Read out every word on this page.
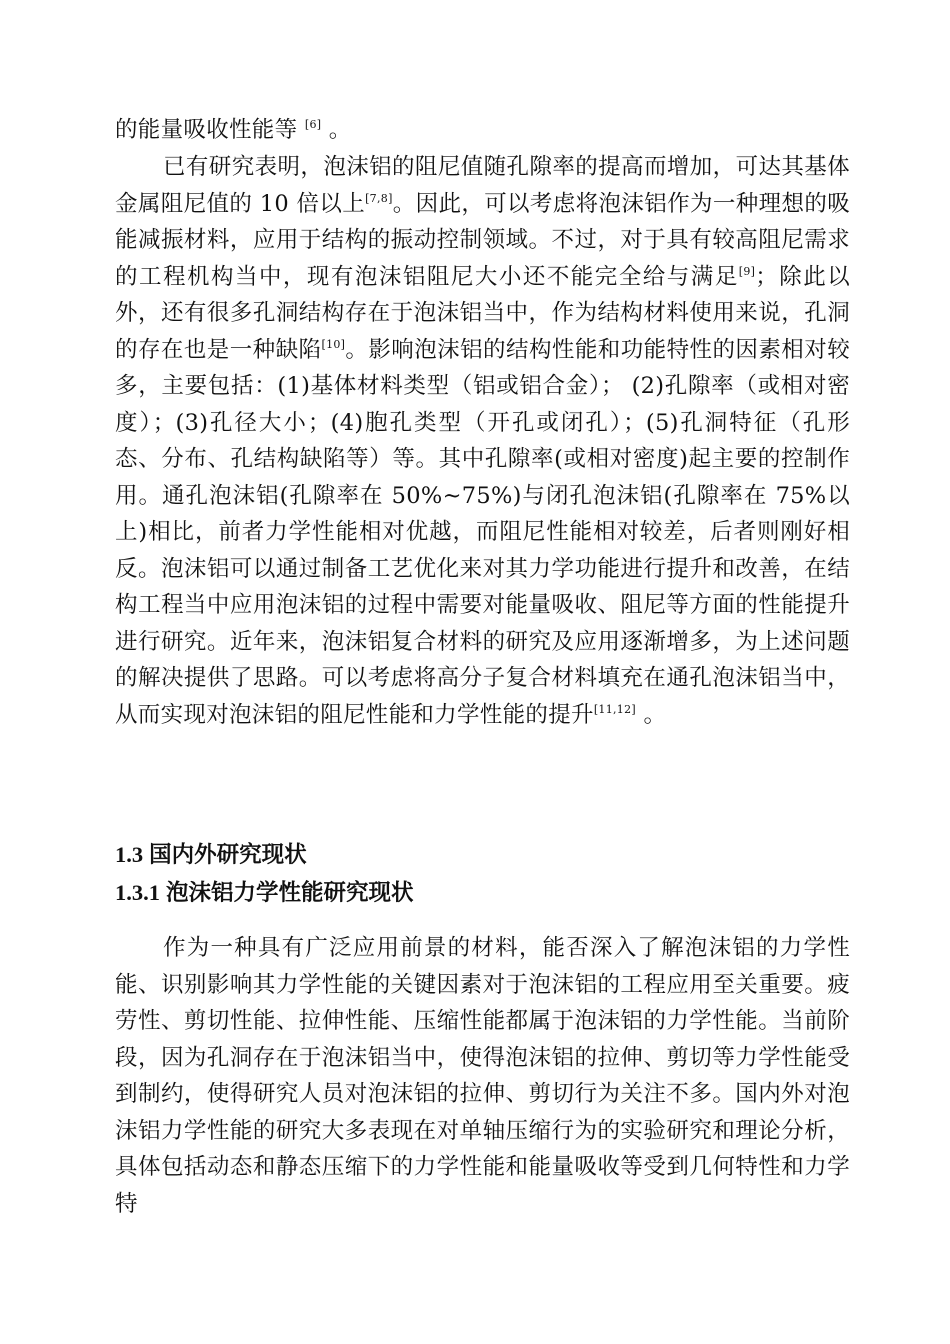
的能量吸收性能等 [6] 。

已有研究表明，泡沫铝的阻尼值随孔隙率的提高而增加，可达其基体金属阻尼值的 10 倍以上[7,8]。因此，可以考虑将泡沫铝作为一种理想的吸能减振材料，应用于结构的振动控制领域。不过，对于具有较高阻尼需求的工程机构当中，现有泡沫铝阻尼大小还不能完全给与满足[9]；除此以外，还有很多孔洞结构存在于泡沫铝当中，作为结构材料使用来说，孔洞的存在也是一种缺陷[10]。影响泡沫铝的结构性能和功能特性的因素相对较多，主要包括：(1)基体材料类型（铝或铝合金）； (2)孔隙率（或相对密度）；(3)孔径大小；(4)胞孔类型（开孔或闭孔）；(5)孔洞特征（孔形态、分布、孔结构缺陷等）等。其中孔隙率(或相对密度)起主要的控制作用。通孔泡沫铝(孔隙率在 50%~75%)与闭孔泡沫铝(孔隙率在 75%以上)相比，前者力学性能相对优越，而阻尼性能相对较差，后者则刚好相反。泡沫铝可以通过制备工艺优化来对其力学功能进行提升和改善，在结构工程当中应用泡沫铝的过程中需要对能量吸收、阻尼等方面的性能提升进行研究。近年来，泡沫铝复合材料的研究及应用逐渐增多，为上述问题的解决提供了思路。可以考虑将高分子复合材料填充在通孔泡沫铝当中，从而实现对泡沫铝的阻尼性能和力学性能的提升[11,12] 。

1.3 国内外研究现状
1.3.1 泡沫铝力学性能研究现状

作为一种具有广泛应用前景的材料，能否深入了解泡沫铝的力学性能、识别影响其力学性能的关键因素对于泡沫铝的工程应用至关重要。疲劳性、剪切性能、拉伸性能、压缩性能都属于泡沫铝的力学性能。当前阶段，因为孔洞存在于泡沫铝当中，使得泡沫铝的拉伸、剪切等力学性能受到制约，使得研究人员对泡沫铝的拉伸、剪切行为关注不多。国内外对泡沫铝力学性能的研究大多表现在对单轴压缩行为的实验研究和理论分析，具体包括动态和静态压缩下的力学性能和能量吸收等受到几何特性和力学特
